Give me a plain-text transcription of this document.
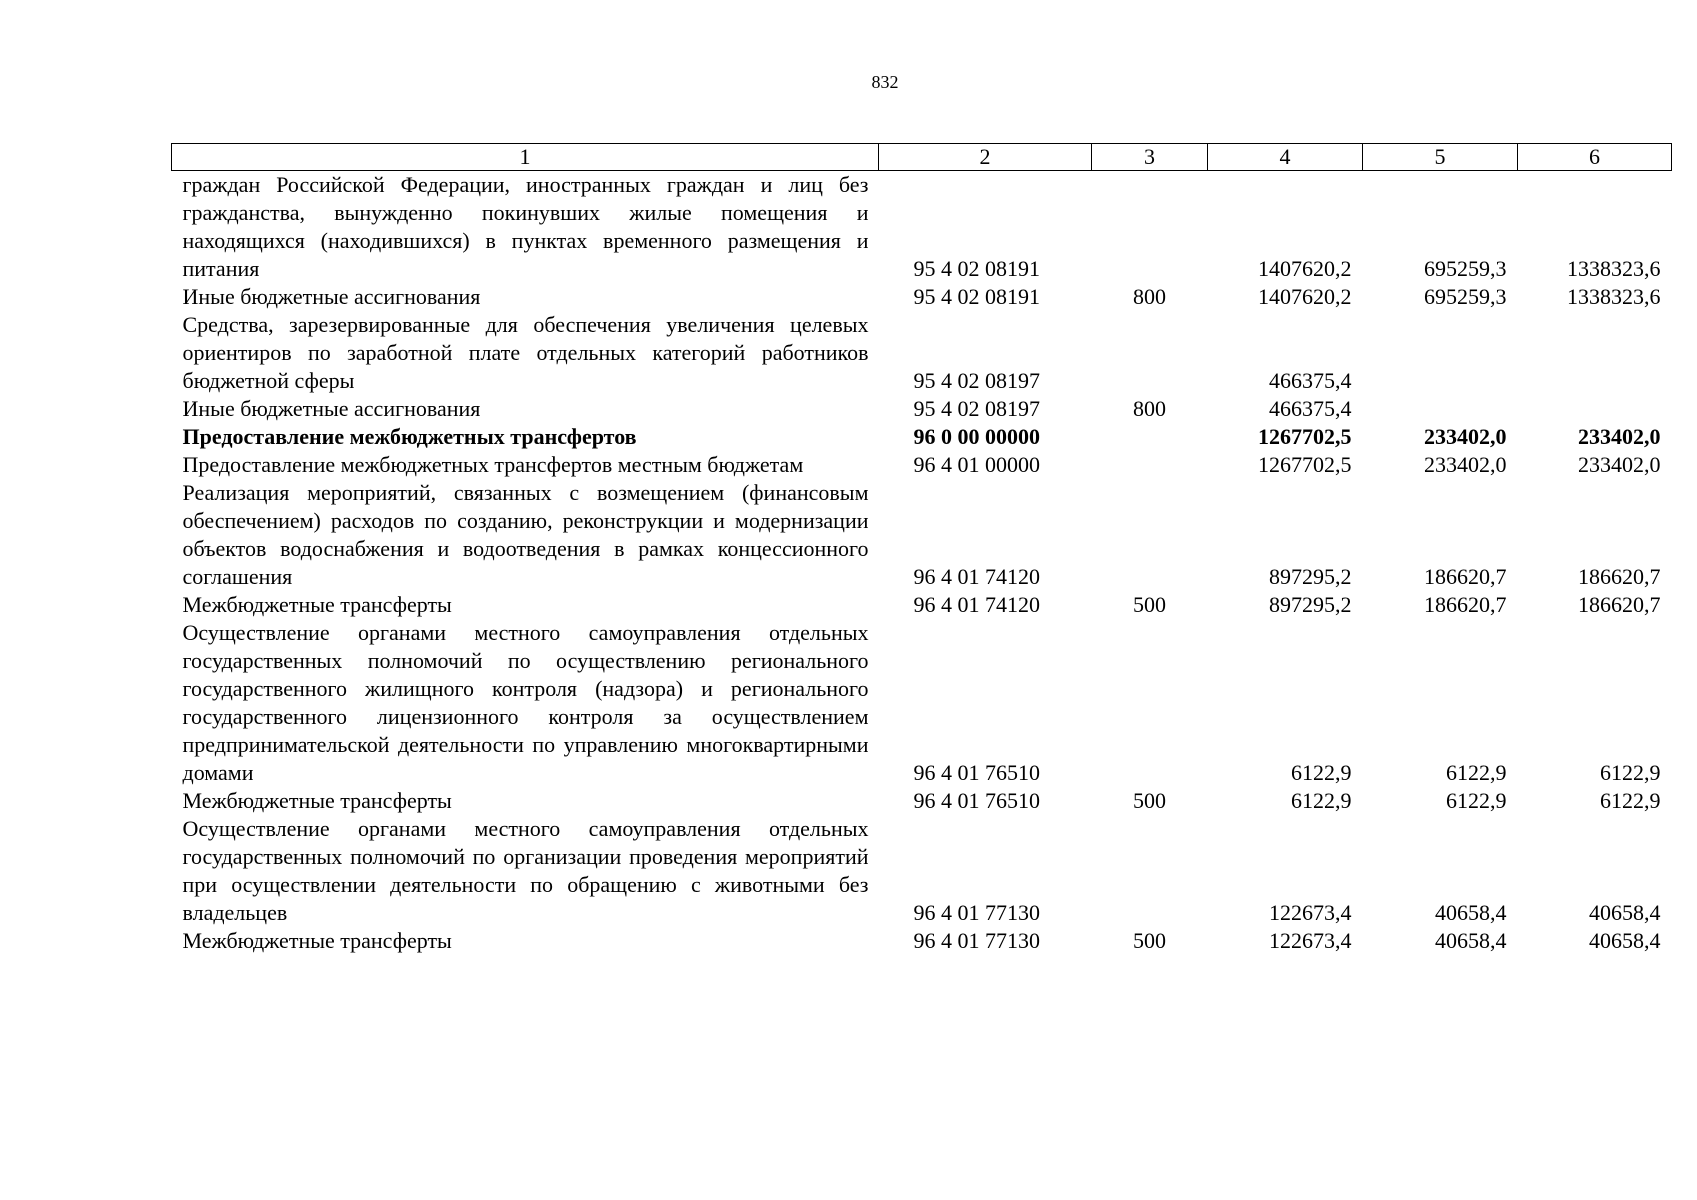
832
1	2	3	4	5	6
граждан Российской Федерации, иностранных граждан и лиц без гражданства, вынужденно покинувших жилые помещения и находящихся (находившихся) в пунктах временного размещения и питания	95 4 02 08191		1407620,2	695259,3	1338323,6
Иные бюджетные ассигнования	95 4 02 08191	800	1407620,2	695259,3	1338323,6
Средства, зарезервированные для обеспечения увеличения целевых ориентиров по заработной плате отдельных категорий работников бюджетной сферы	95 4 02 08197		466375,4		
Иные бюджетные ассигнования	95 4 02 08197	800	466375,4		
Предоставление межбюджетных трансфертов	96 0 00 00000		1267702,5	233402,0	233402,0
Предоставление межбюджетных трансфертов местным бюджетам	96 4 01 00000		1267702,5	233402,0	233402,0
Реализация мероприятий, связанных с возмещением (финансовым обеспечением) расходов по созданию, реконструкции и модернизации объектов водоснабжения и водоотведения в рамках концессионного соглашения	96 4 01 74120		897295,2	186620,7	186620,7
Межбюджетные трансферты	96 4 01 74120	500	897295,2	186620,7	186620,7
Осуществление органами местного самоуправления отдельных государственных полномочий по осуществлению регионального государственного жилищного контроля (надзора) и регионального государственного лицензионного контроля за осуществлением предпринимательской деятельности по управлению многоквартирными домами	96 4 01 76510		6122,9	6122,9	6122,9
Межбюджетные трансферты	96 4 01 76510	500	6122,9	6122,9	6122,9
Осуществление органами местного самоуправления отдельных государственных полномочий по организации проведения мероприятий при осуществлении деятельности по обращению с животными без владельцев	96 4 01 77130		122673,4	40658,4	40658,4
Межбюджетные трансферты	96 4 01 77130	500	122673,4	40658,4	40658,4
